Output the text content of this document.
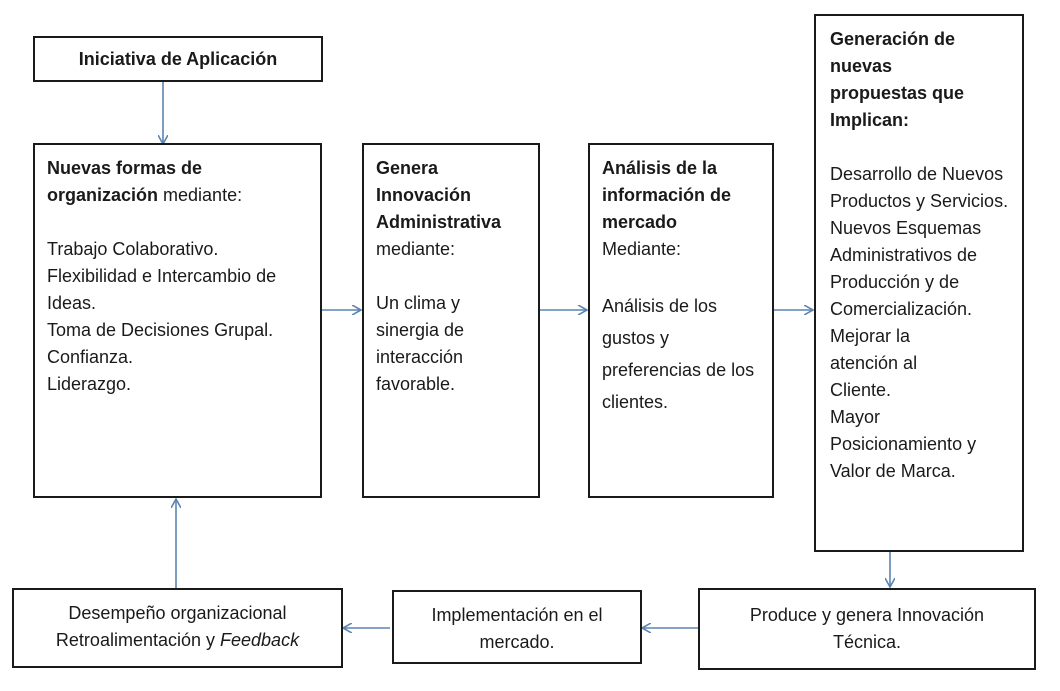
Iniciativa de Aplicación
Nuevas formas de organización mediante:
Trabajo Colaborativo.
Flexibilidad e Intercambio de Ideas.
Toma de Decisiones Grupal.
Confianza.
Liderazgo.
Genera Innovación Administrativa
mediante:
Un clima y sinergia de interacción favorable.
Análisis de la información de mercado
Mediante:
Análisis de los gustos y preferencias de los clientes.
Generación de nuevas propuestas que Implican:
Desarrollo de Nuevos Productos y Servicios.
Nuevos Esquemas Administrativos de Producción y de Comercialización.
Mejorar la atención al Cliente.
Mayor Posicionamiento y Valor de Marca.
Produce y genera Innovación Técnica.
Implementación en el mercado.
Desempeño organizacional
Retroalimentación y Feedback
